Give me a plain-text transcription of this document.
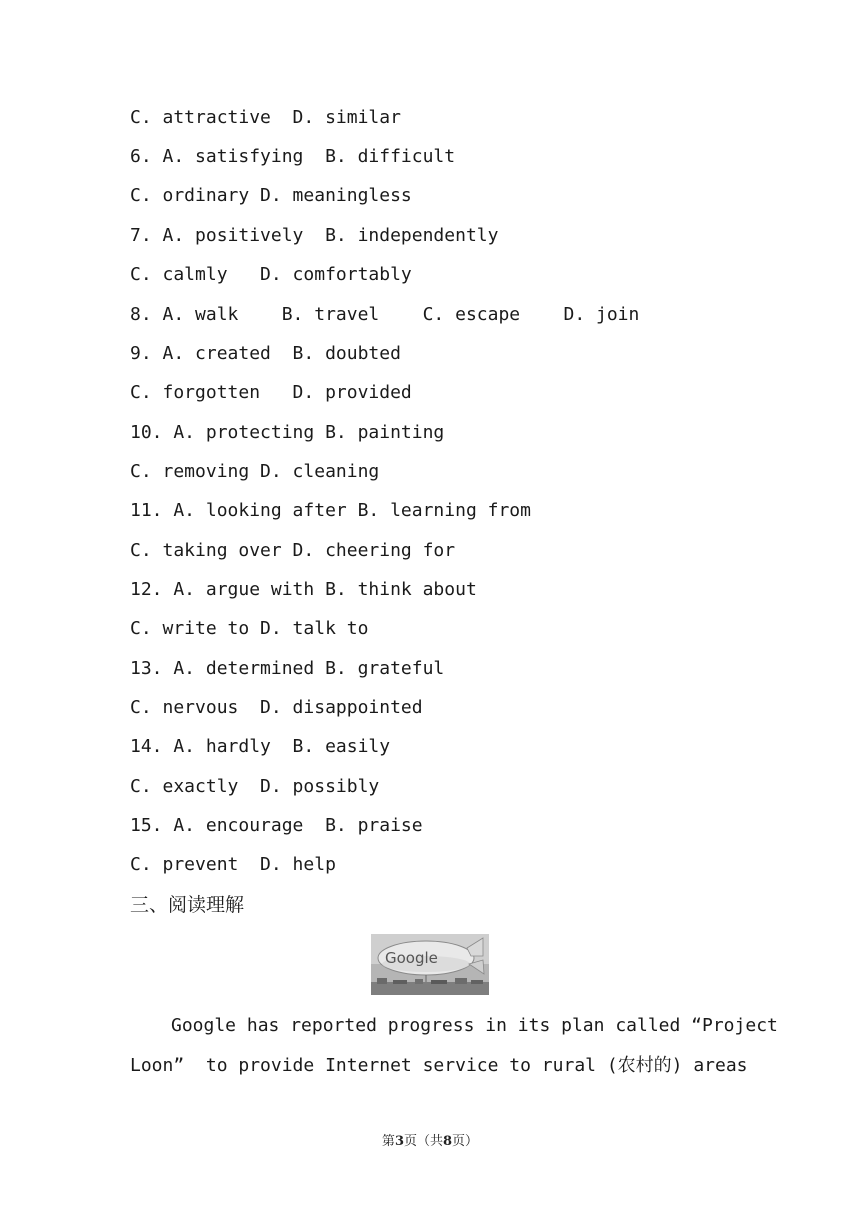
C. attractive  D. similar
6. A. satisfying  B. difficult
C. ordinary D. meaningless
7. A. positively  B. independently
C. calmly   D. comfortably
8. A. walk    B. travel    C. escape    D. join
9. A. created  B. doubted
C. forgotten   D. provided
10. A. protecting B. painting
C. removing D. cleaning
11. A. looking after B. learning from
C. taking over D. cheering for
12. A. argue with B. think about
C. write to D. talk to
13. A. determined B. grateful
C. nervous  D. disappointed
14. A. hardly  B. easily
C. exactly  D. possibly
15. A. encourage  B. praise
C. prevent  D. help
三、阅读理解
Google
Google has reported progress in its plan called “Project
Loon”  to provide Internet service to rural (农村的) areas
第3页（共8页）
